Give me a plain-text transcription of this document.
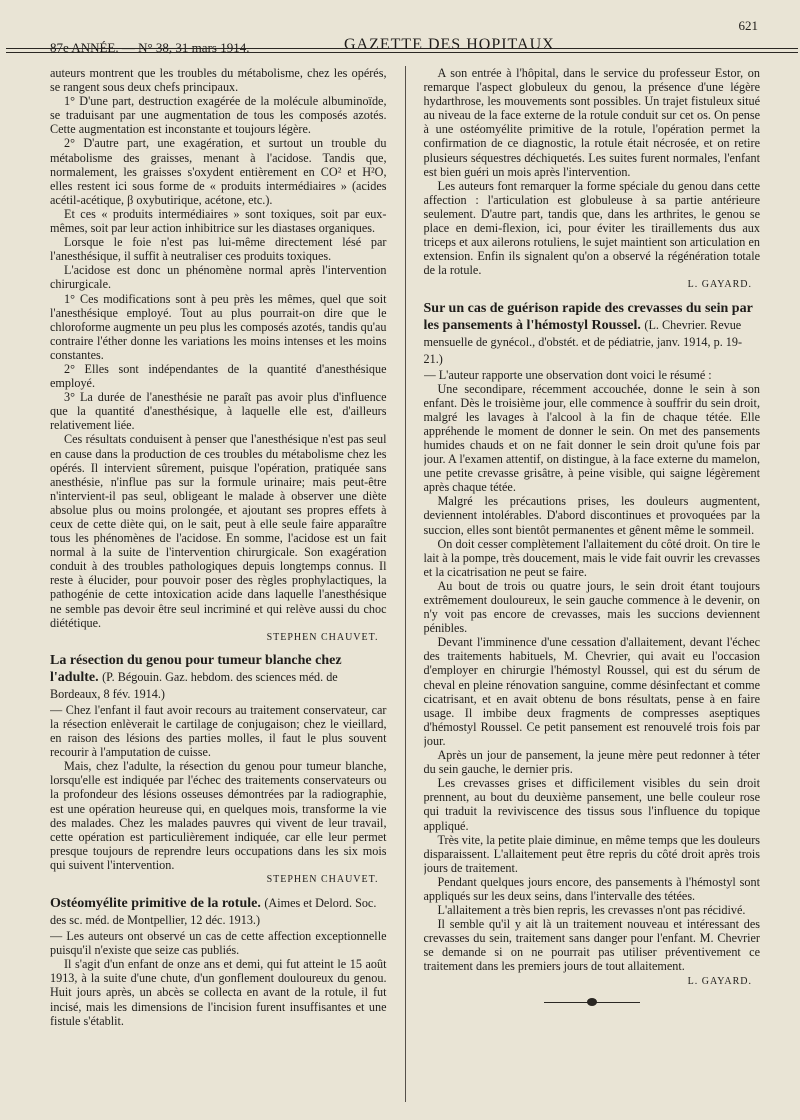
87e ANNÉE. — N° 38, 31 mars 1914.	GAZETTE DES HOPITAUX
621

auteurs montrent que les troubles du métabolisme, chez les opérés, se rangent sous deux chefs principaux.

1° D'une part, destruction exagérée de la molécule albuminoïde, se traduisant par une augmentation de tous les composés azotés. Cette augmentation est inconstante et toujours légère.

2° D'autre part, une exagération, et surtout un trouble du métabolisme des graisses, menant à l'acidose. Tandis que, normalement, les graisses s'oxydent entièrement en CO² et H²O, elles restent ici sous forme de « produits intermédiaires » (acides acétil-acétique, β oxybutirique, acétone, etc.).

Et ces « produits intermédiaires » sont toxiques, soit par eux-mêmes, soit par leur action inhibitrice sur les diastases organiques.

Lorsque le foie n'est pas lui-même directement lésé par l'anesthésique, il suffit à neutraliser ces produits toxiques.

L'acidose est donc un phénomène normal après l'intervention chirurgicale.

1° Ces modifications sont à peu près les mêmes, quel que soit l'anesthésique employé. Tout au plus pourrait-on dire que le chloroforme augmente un peu plus les composés azotés, tandis qu'au contraire l'éther donne les variations les moins intenses et les moins constantes.

2° Elles sont indépendantes de la quantité d'anesthésique employé.

3° La durée de l'anesthésie ne paraît pas avoir plus d'influence que la quantité d'anesthésique, à laquelle elle est, d'ailleurs relativement liée.

Ces résultats conduisent à penser que l'anesthésique n'est pas seul en cause dans la production de ces troubles du métabolisme chez les opérés. Il intervient sûrement, puisque l'opération, pratiquée sans anesthésie, n'influe pas sur la formule urinaire; mais peut-être n'intervient-il pas seul, obligeant le malade à observer une diète absolue plus ou moins prolongée, et ajoutant ses propres effets à ceux de cette diète qui, on le sait, peut à elle seule faire apparaître tous les phénomènes de l'acidose. En somme, l'acidose est un fait normal à la suite de l'intervention chirurgicale. Son exagération conduit à des troubles pathologiques depuis longtemps connus. Il reste à élucider, pour pouvoir poser des règles prophylactiques, la pathogénie de cette intoxication acide dans laquelle l'anesthésique ne semble pas devoir être seul incriminé et qui relève aussi du choc diététique.

STEPHEN CHAUVET.
La résection du genou pour tumeur blanche chez l'adulte. (P. Bégouin. Gaz. hebdom. des sciences méd. de Bordeaux, 8 fév. 1914.)

— Chez l'enfant il faut avoir recours au traitement conservateur, car la résection enlèverait le cartilage de conjugaison; chez le vieillard, en raison des lésions des parties molles, il faut le plus souvent recourir à l'amputation de cuisse.

Mais, chez l'adulte, la résection du genou pour tumeur blanche, lorsqu'elle est indiquée par l'échec des traitements conservateurs ou la profondeur des lésions osseuses démontrées par la radiographie, est une opération heureuse qui, en quelques mois, transforme la vie des malades. Chez les malades pauvres qui vivent de leur travail, cette opération est particulièrement indiquée, car elle leur permet presque toujours de reprendre leurs occupations dans les six mois qui suivent l'intervention.

STEPHEN CHAUVET.
Ostéomyélite primitive de la rotule. (Aimes et Delord. Soc. des sc. méd. de Montpellier, 12 déc. 1913.)

— Les auteurs ont observé un cas de cette affection exceptionnelle puisqu'il n'existe que seize cas publiés.

Il s'agit d'un enfant de onze ans et demi, qui fut atteint le 15 août 1913, à la suite d'une chute, d'un gonflement douloureux du genou. Huit jours après, un abcès se collecta en avant de la rotule, il fut incisé, mais les dimensions de l'incision furent insuffisantes et une fistule s'établit.

A son entrée à l'hôpital, dans le service du professeur Estor, on remarque l'aspect globuleux du genou, la présence d'une légère hydarthrose, les mouvements sont possibles. Un trajet fistuleux situé au niveau de la face externe de la rotule conduit sur cet os. On pense à une ostéomyélite primitive de la rotule, l'opération permet la confirmation de ce diagnostic, la rotule était nécrosée, et on retire plusieurs séquestres déchiquetés. Les suites furent normales, l'enfant est bien guéri un mois après l'intervention.

Les auteurs font remarquer la forme spéciale du genou dans cette affection : l'articulation est globuleuse à sa partie antérieure seulement. D'autre part, tandis que, dans les arthrites, le genou se place en demi-flexion, ici, pour éviter les tiraillements dus aux triceps et aux ailerons rotuliens, le sujet maintient son articulation en extension. Enfin ils signalent qu'on a observé la régénération totale de la rotule.

L. GAYARD.
Sur un cas de guérison rapide des crevasses du sein par les pansements à l'hémostyl Roussel. (L. Chevrier. Revue mensuelle de gynécol., d'obstét. et de pédiatrie, janv. 1914, p. 19-21.)

— L'auteur rapporte une observation dont voici le résumé :

Une secondipare, récemment accouchée, donne le sein à son enfant. Dès le troisième jour, elle commence à souffrir du sein droit, malgré les lavages à l'alcool à la fin de chaque tétée. Elle appréhende le moment de donner le sein. On met des pansements humides chauds et on ne fait donner le sein droit qu'une fois par jour. A l'examen attentif, on distingue, à la face externe du mamelon, une petite crevasse grisâtre, à peine visible, qui saigne légèrement après chaque tétée.

Malgré les précautions prises, les douleurs augmentent, deviennent intolérables. D'abord discontinues et provoquées par la succion, elles sont bientôt permanentes et gênent même le sommeil.

On doit cesser complètement l'allaitement du côté droit. On tire le lait à la pompe, très doucement, mais le vide fait ouvrir les crevasses et la cicatrisation ne peut se faire.

Au bout de trois ou quatre jours, le sein droit étant toujours extrêmement douloureux, le sein gauche commence à le devenir, on n'y voit pas encore de crevasses, mais les succions deviennent pénibles.

Devant l'imminence d'une cessation d'allaitement, devant l'échec des traitements habituels, M. Chevrier, qui avait eu l'occasion d'employer en chirurgie l'hémostyl Roussel, qui est du sérum de cheval en pleine rénovation sanguine, comme désinfectant et comme cicatrisant, et en avait obtenu de bons résultats, pense à en faire usage. Il imbibe deux fragments de compresses aseptiques d'hémostyl Roussel. Ce petit pansement est renouvelé trois fois par jour.

Après un jour de pansement, la jeune mère peut redonner à téter du sein gauche, le dernier pris.

Les crevasses grises et difficilement visibles du sein droit prennent, au bout du deuxième pansement, une belle couleur rose qui traduit la reviviscence des tissus sous l'influence du topique appliqué.

Très vite, la petite plaie diminue, en même temps que les douleurs disparaissent. L'allaitement peut être repris du côté droit après trois jours de traitement.

Pendant quelques jours encore, des pansements à l'hémostyl sont appliqués sur les deux seins, dans l'intervalle des tétées.

L'allaitement a très bien repris, les crevasses n'ont pas récidivé.

Il semble qu'il y ait là un traitement nouveau et intéressant des crevasses du sein, traitement sans danger pour l'enfant. M. Chevrier se demande si on ne pourrait pas utiliser préventivement ce traitement dans les premiers jours de tout allaitement.

L. GAYARD.
